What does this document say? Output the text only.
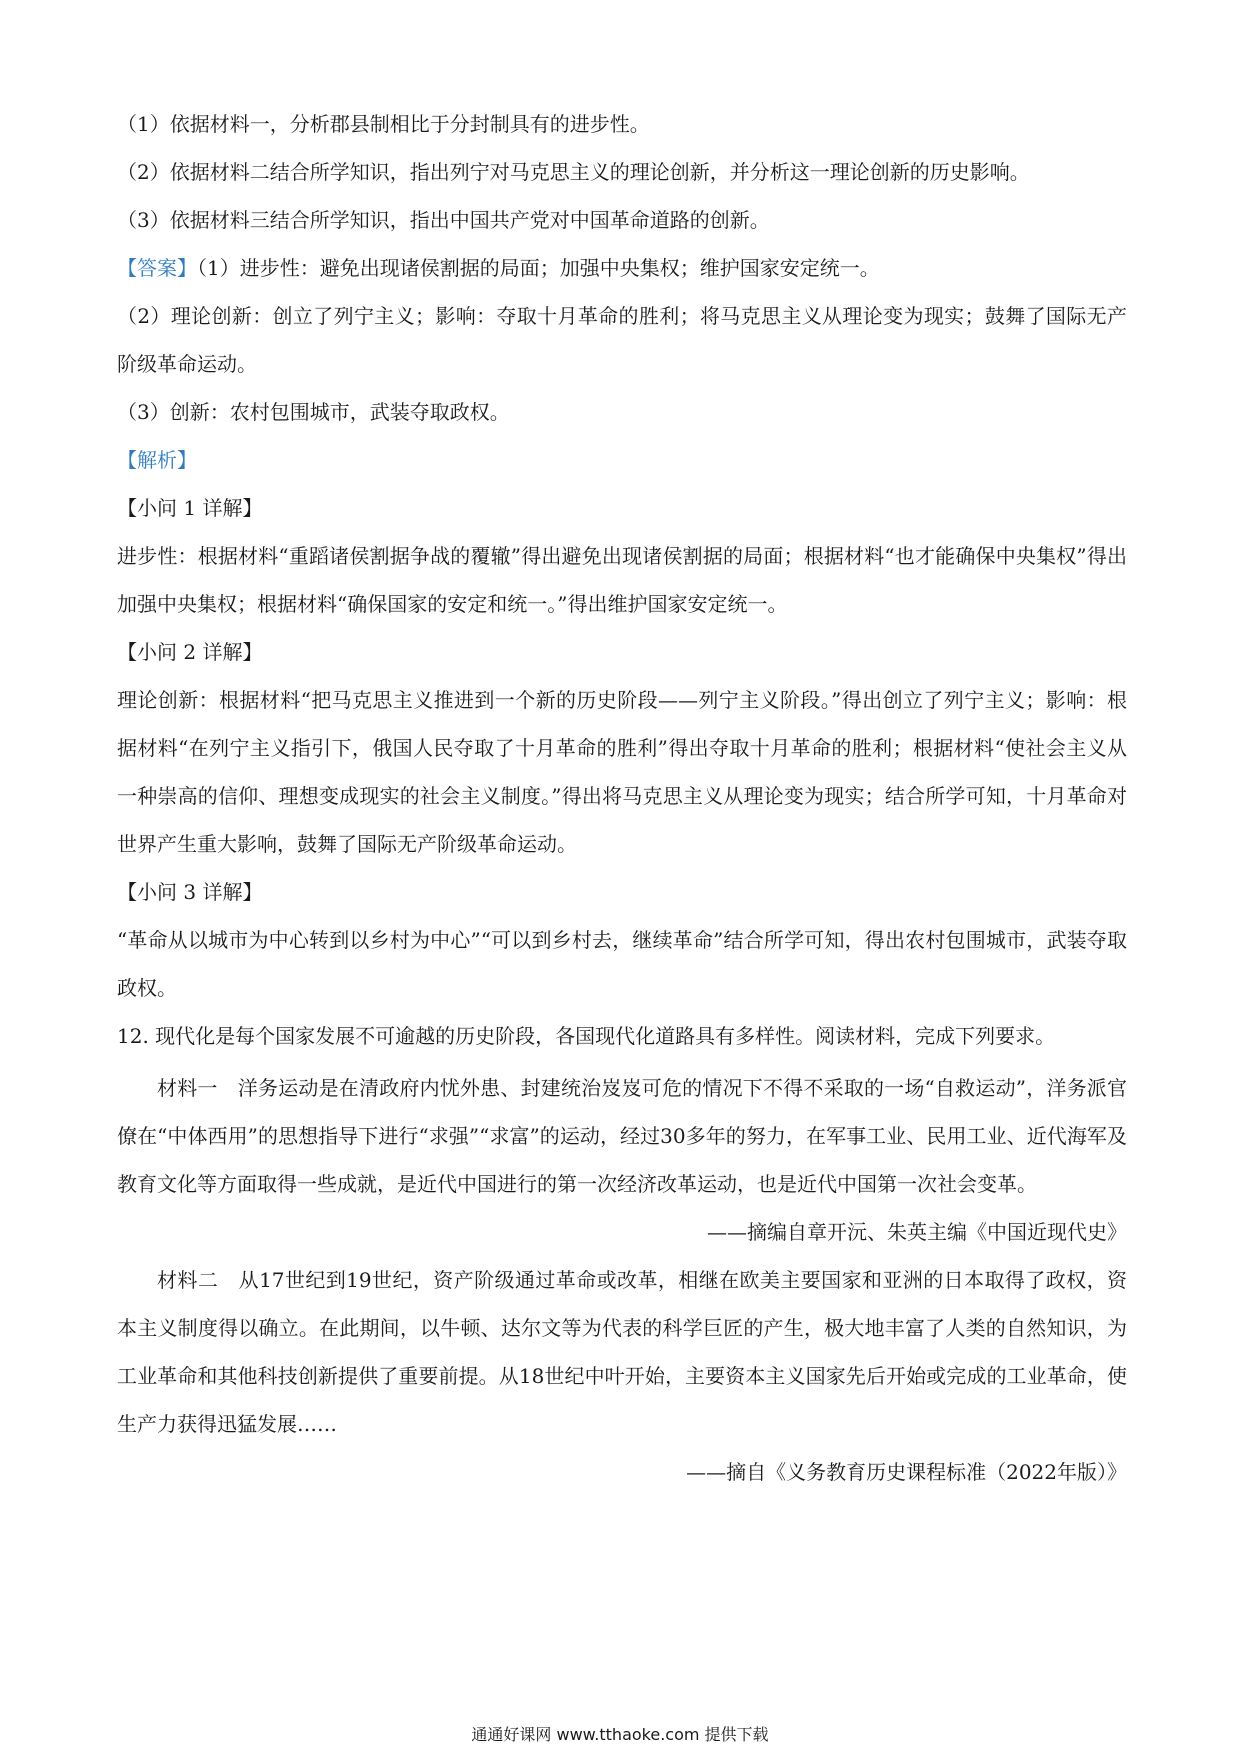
（1）依据材料一，分析郡县制相比于分封制具有的进步性。
（2）依据材料二结合所学知识，指出列宁对马克思主义的理论创新，并分析这一理论创新的历史影响。
（3）依据材料三结合所学知识，指出中国共产党对中国革命道路的创新。
【答案】（1）进步性：避免出现诸侯割据的局面；加强中央集权；维护国家安定统一。
（2）理论创新：创立了列宁主义；影响：夺取十月革命的胜利；将马克思主义从理论变为现实；鼓舞了国际无产阶级革命运动。
（3）创新：农村包围城市，武装夺取政权。
【解析】
【小问 1 详解】
进步性：根据材料“重蹈诸侯割据争战的覆辙”得出避免出现诸侯割据的局面；根据材料“也才能确保中央集权”得出加强中央集权；根据材料“确保国家的安定和统一。”得出维护国家安定统一。
【小问 2 详解】
理论创新：根据材料“把马克思主义推进到一个新的历史阶段——列宁主义阶段。”得出创立了列宁主义；影响：根据材料“在列宁主义指引下，俄国人民夺取了十月革命的胜利”得出夺取十月革命的胜利；根据材料“使社会主义从一种崇高的信仰、理想变成现实的社会主义制度。”得出将马克思主义从理论变为现实；结合所学可知，十月革命对世界产生重大影响，鼓舞了国际无产阶级革命运动。
【小问 3 详解】
“革命从以城市为中心转到以乡村为中心”“可以到乡村去，继续革命”结合所学可知，得出农村包围城市，武装夺取政权。
12. 现代化是每个国家发展不可逾越的历史阶段，各国现代化道路具有多样性。阅读材料，完成下列要求。
材料一　洋务运动是在清政府内忧外患、封建统治岌岌可危的情况下不得不采取的一场“自救运动”，洋务派官僚在“中体西用”的思想指导下进行“求强”“求富”的运动，经过30多年的努力，在军事工业、民用工业、近代海军及教育文化等方面取得一些成就，是近代中国进行的第一次经济改革运动，也是近代中国第一次社会变革。
——摘编自章开沅、朱英主编《中国近现代史》
材料二　从17世纪到19世纪，资产阶级通过革命或改革，相继在欧美主要国家和亚洲的日本取得了政权，资本主义制度得以确立。在此期间，以牛顿、达尔文等为代表的科学巨匠的产生，极大地丰富了人类的自然知识，为工业革命和其他科技创新提供了重要前提。从18世纪中叶开始，主要资本主义国家先后开始或完成的工业革命，使生产力获得迅猛发展……
——摘自《义务教育历史课程标准（2022年版）》
通通好课网 www.tthaoke.com 提供下载
